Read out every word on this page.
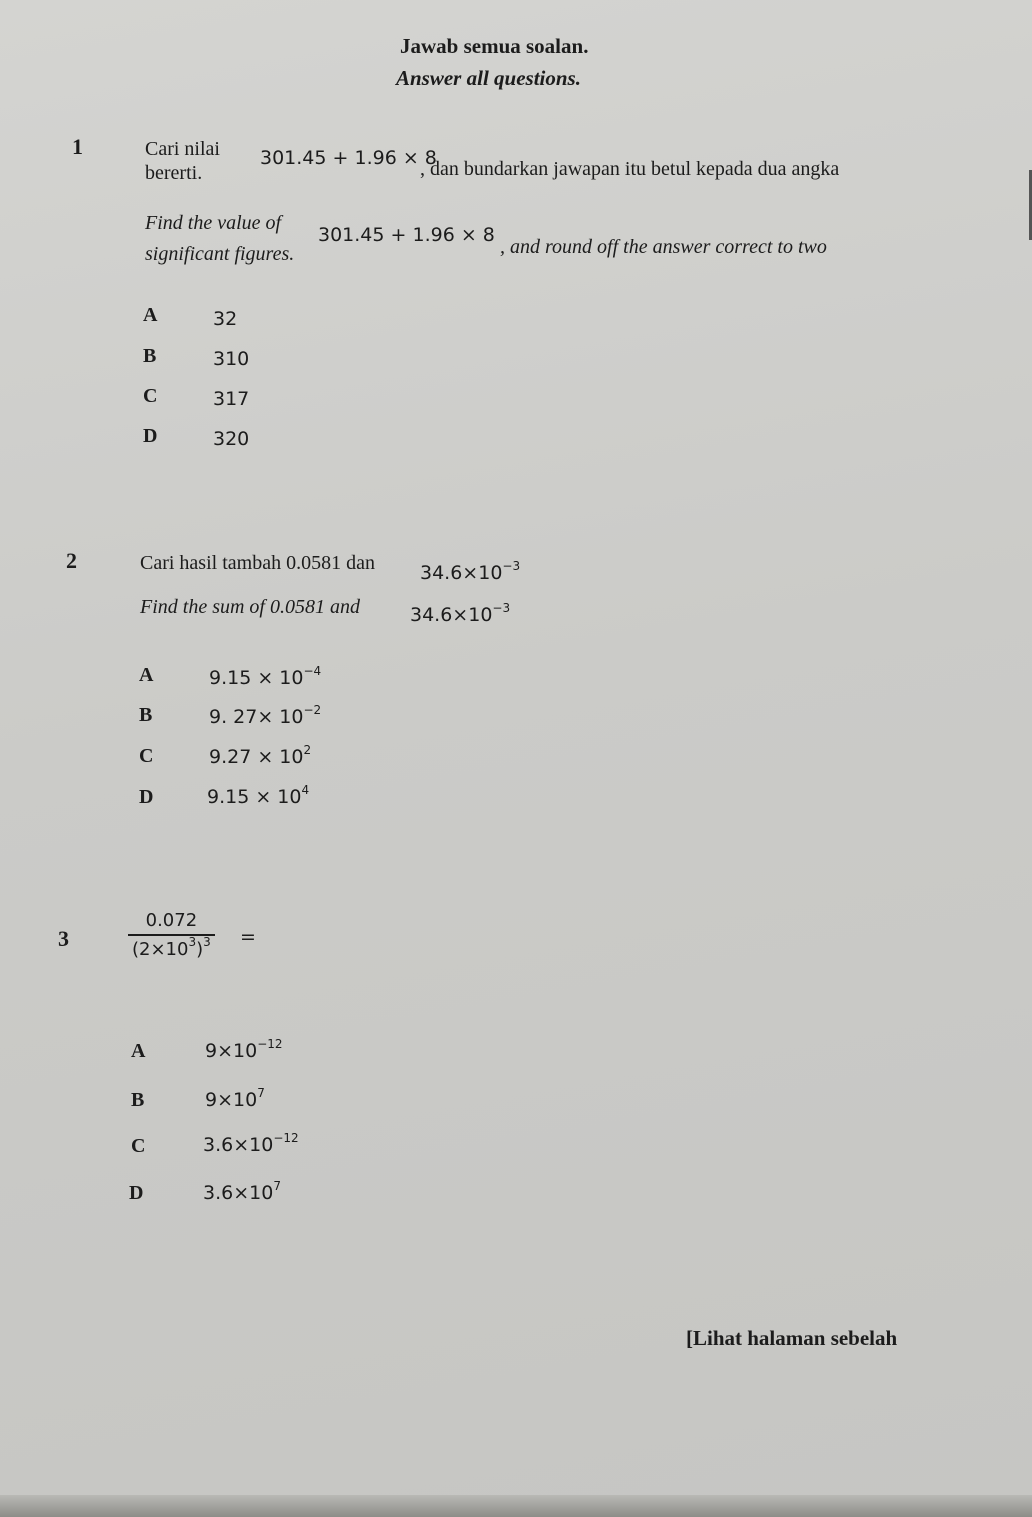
Jawab semua soalan.
Answer all questions.
1	Cari nilai 301.45 + 1.96 × 8
, dan bundarkan jawapan itu betul kepada dua angka
bererti.
Find the value of
301.45 + 1.96 × 8
, and round off the answer correct to two
significant figures.
A	32
B	310
C	317
D	320
2	Cari hasil tambah 0.0581 dan $34.6\times 10^{-3}$
Find the sum of 0.0581 and	$34.6\times 10^{-3}$
A	$9.15 \times 10^{-4}$
B	9. $27\times 10^{-2}$
C	$9.27 \times 10^2$
D	$9.15 \times 10^4$
3
0.072
$(2\times 10^3)^3$ =
A	$9\times 10^{-12}$
B	$9\times 10^7$
C	$3.6\times 10^{-12}$
D	$3.6\times 10^7$
[Lihat halaman sebelah
